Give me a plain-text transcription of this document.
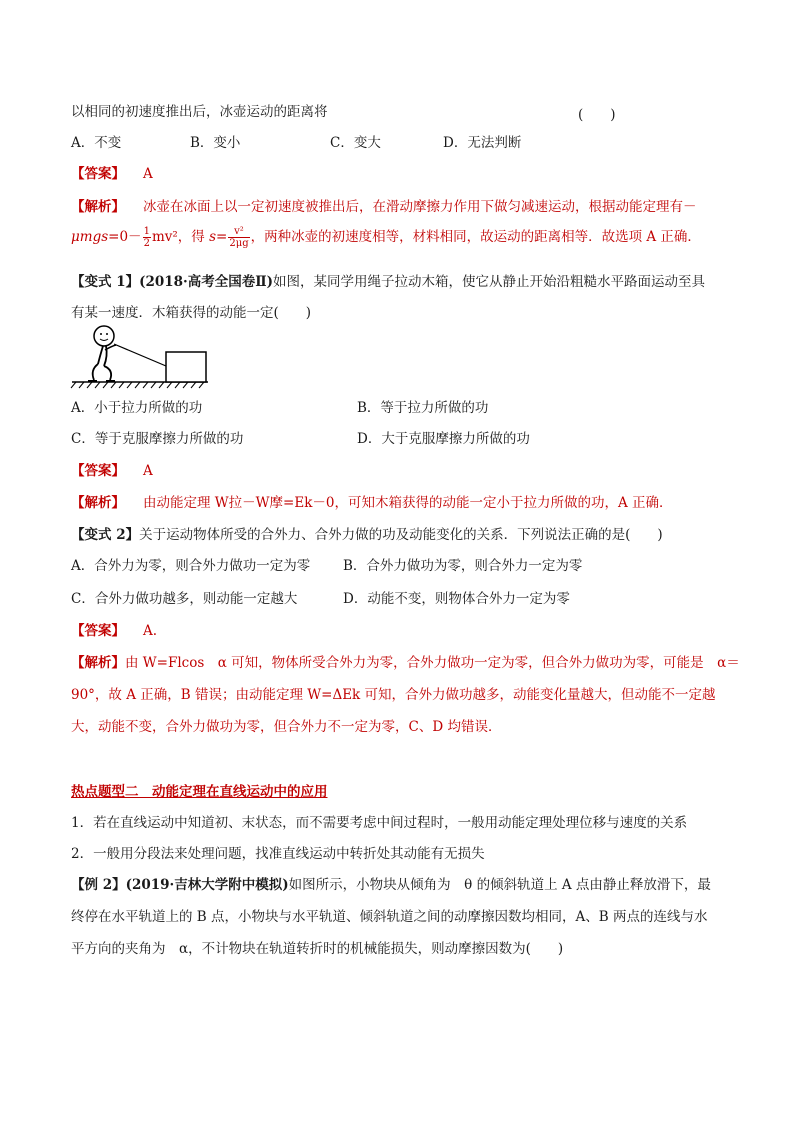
以相同的初速度推出后，冰壶运动的距离将	(　　)
A．不变	B．变小	C．变大	D．无法判断
【答案】 A
【解析】 冰壶在冰面上以一定初速度被推出后，在滑动摩擦力作用下做匀减速运动，根据动能定理有－
$\mu mgs=0- \frac{1}{2} mv^2$，得 $s= \frac{\text{v²}}{2\mu g}$ ，两种冰壶的初速度相等，材料相同，故运动的距离相等．故选项 A 正确．
【变式 1】(2018·高考全国卷Ⅱ)如图，某同学用绳子拉动木箱，使它从静止开始沿粗糙水平路面运动至具
有某一速度．木箱获得的动能一定(　　)
A．小于拉力所做的功	B．等于拉力所做的功
C．等于克服摩擦力所做的功	D．大于克服摩擦力所做的功
【答案】 A
【解析】 由动能定理 W拉－W摩=Ek－0，可知木箱获得的动能一定小于拉力所做的功，A 正确．
【变式 2】关于运动物体所受的合外力、合外力做的功及动能变化的关系．下列说法正确的是(　　)
A．合外力为零，则合外力做功一定为零 B．合外力做功为零，则合外力一定为零
C．合外力做功越多，则动能一定越大	D．动能不变，则物体合外力一定为零
【答案】 A.
【解析】由 W=Flcos　α 可知，物体所受合外力为零，合外力做功一定为零，但合外力做功为零，可能是　α＝
90°，故 A 正确，B 错误；由动能定理 W=ΔEk 可知，合外力做功越多，动能变化量越大，但动能不一定越
大，动能不变，合外力做功为零，但合外力不一定为零，C、D 均错误．
热点题型二　动能定理在直线运动中的应用
1．若在直线运动中知道初、末状态，而不需要考虑中间过程时，一般用动能定理处理位移与速度的关系
2．一般用分段法来处理问题，找准直线运动中转折处其动能有无损失
【例 2】(2019·吉林大学附中模拟)如图所示，小物块从倾角为　θ 的倾斜轨道上 A 点由静止释放滑下，最
终停在水平轨道上的 B 点，小物块与水平轨道、倾斜轨道之间的动摩擦因数均相同，A、B 两点的连线与水
平方向的夹角为　α，不计物块在轨道转折时的机械能损失，则动摩擦因数为(　　)
